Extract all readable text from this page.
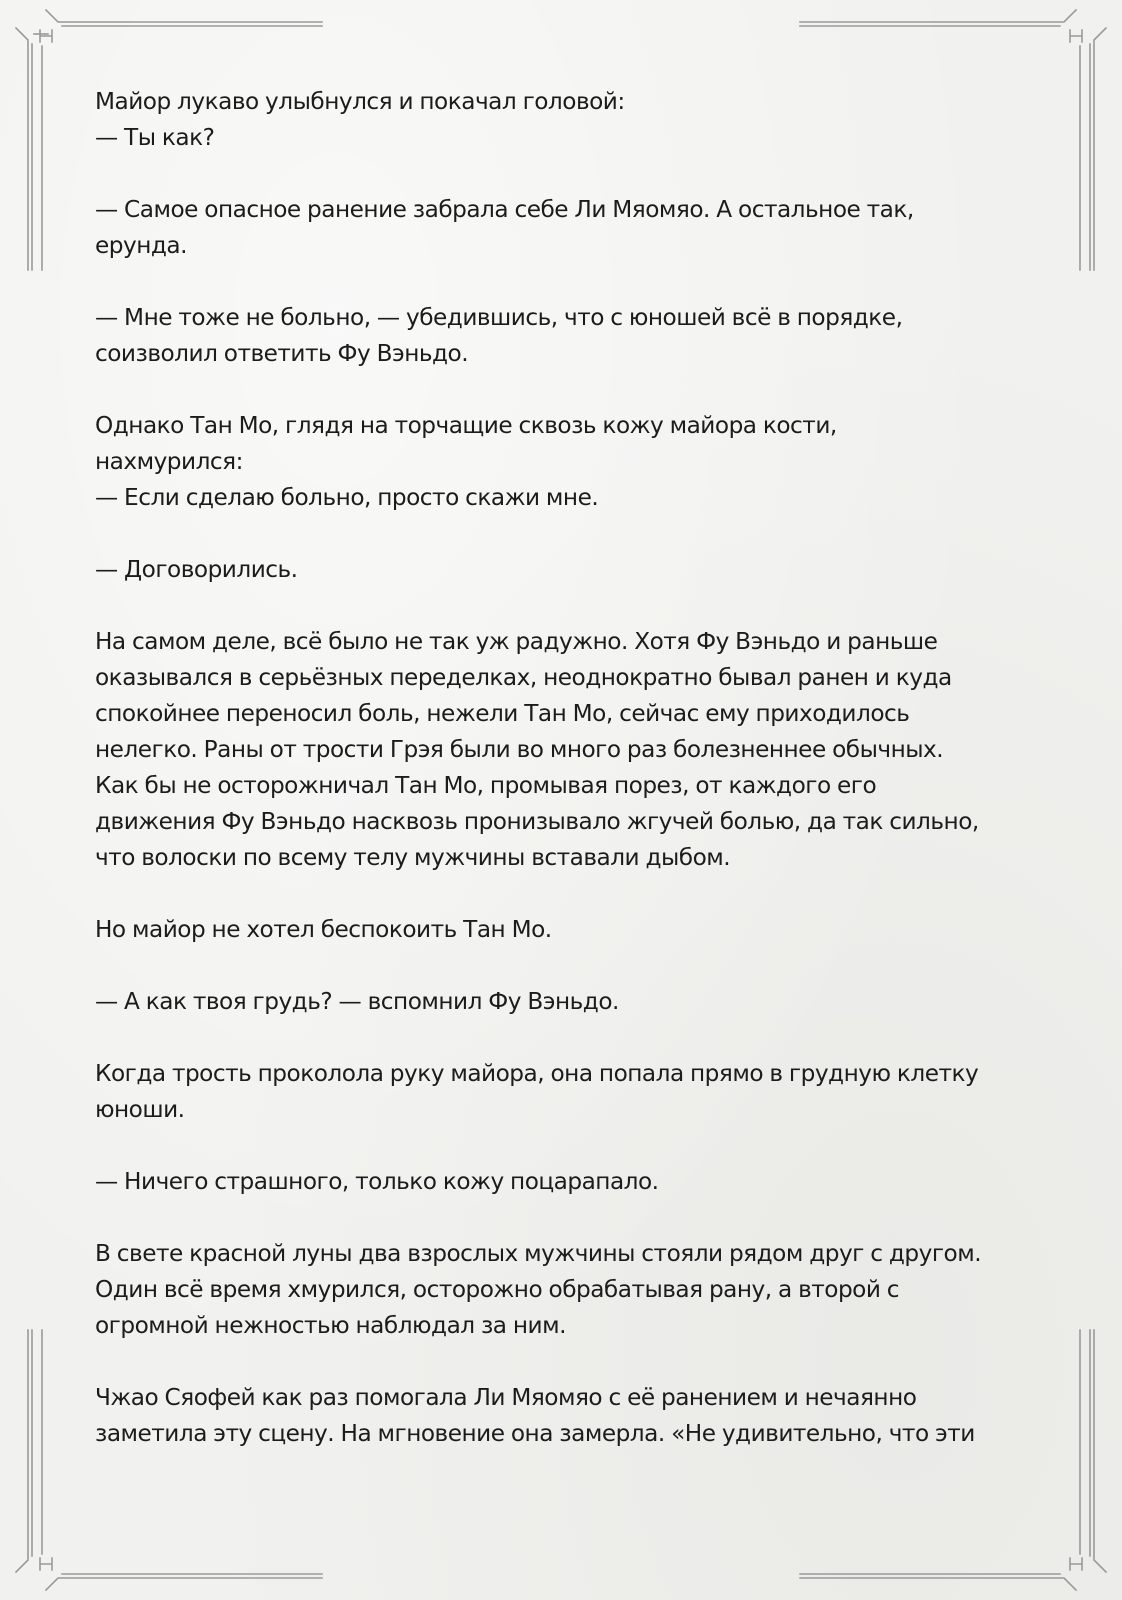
Майор лукаво улыбнулся и покачал головой:
— Ты как?

— Самое опасное ранение забрала себе Ли Мяомяо. А остальное так,
ерунда.

— Мне тоже не больно, — убедившись, что с юношей всё в порядке,
соизволил ответить Фу Вэньдо.

Однако Тан Мо, глядя на торчащие сквозь кожу майора кости,
нахмурился:
— Если сделаю больно, просто скажи мне.

— Договорились.

На самом деле, всё было не так уж радужно. Хотя Фу Вэньдо и раньше
оказывался в серьёзных переделках, неоднократно бывал ранен и куда
спокойнее переносил боль, нежели Тан Мо, сейчас ему приходилось
нелегко. Раны от трости Грэя были во много раз болезненнее обычных.
Как бы не осторожничал Тан Мо, промывая порез, от каждого его
движения Фу Вэньдо насквозь пронизывало жгучей болью, да так сильно,
что волоски по всему телу мужчины вставали дыбом.

Но майор не хотел беспокоить Тан Мо.

— А как твоя грудь? — вспомнил Фу Вэньдо.

Когда трость проколола руку майора, она попала прямо в грудную клетку
юноши.

— Ничего страшного, только кожу поцарапало.

В свете красной луны два взрослых мужчины стояли рядом друг с другом.
Один всё время хмурился, осторожно обрабатывая рану, а второй с
огромной нежностью наблюдал за ним.

Чжао Сяофей как раз помогала Ли Мяомяо с её ранением и нечаянно
заметила эту сцену. На мгновение она замерла. «Не удивительно, что эти
